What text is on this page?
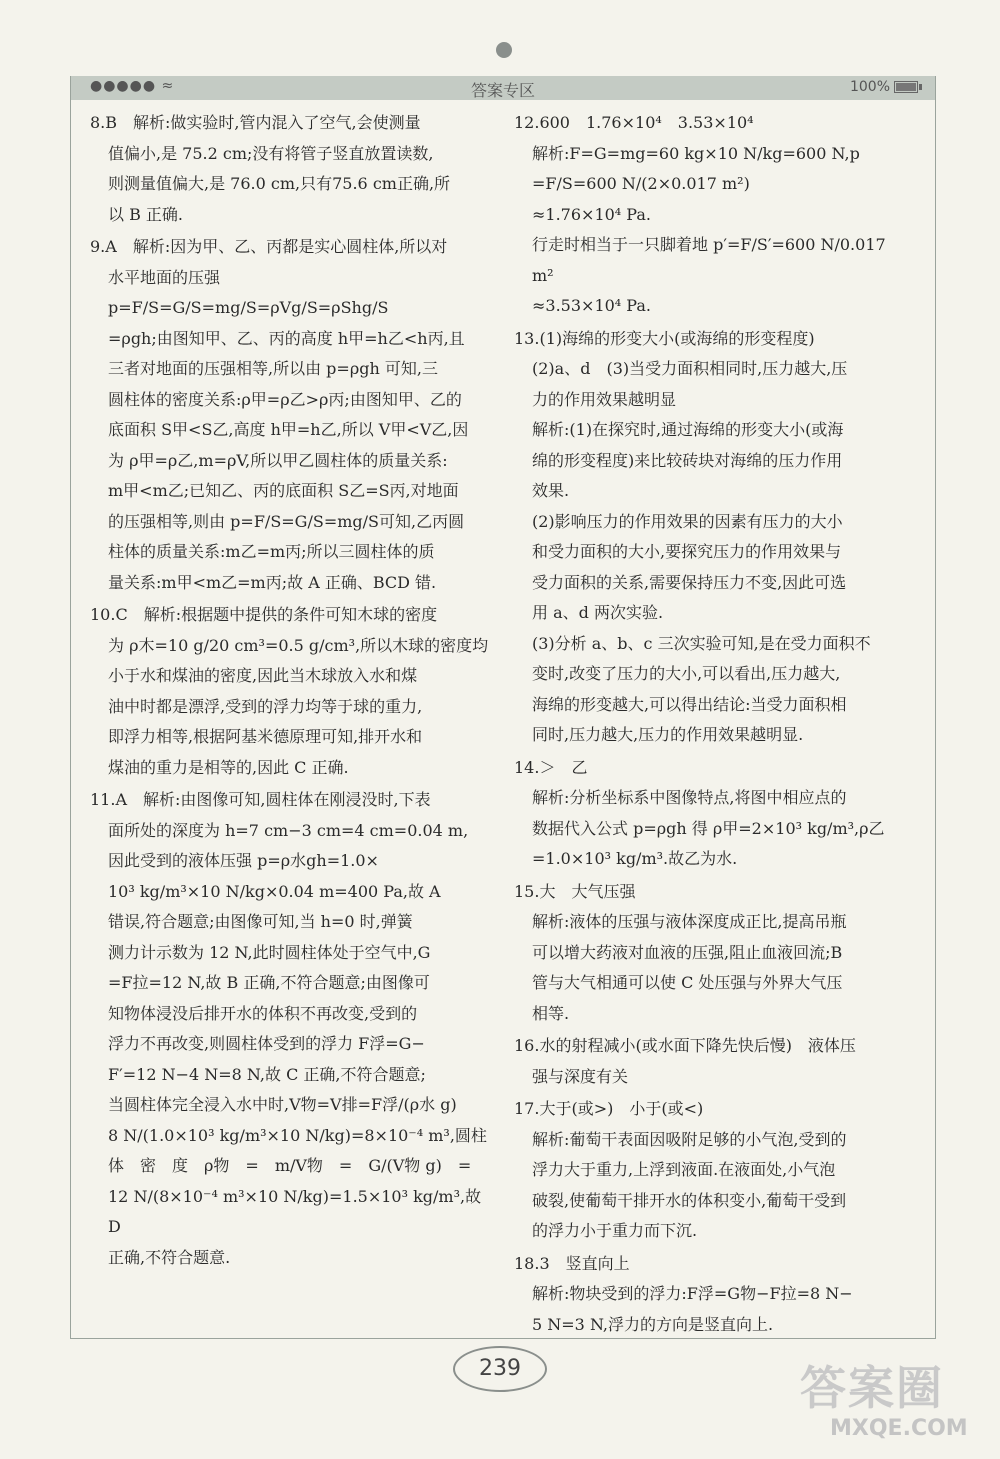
●●●●● ≈	答案专区	100%

8.B　解析:做实验时,管内混入了空气,会使测量

值偏小,是 75.2 cm;没有将管子竖直放置读数,

则测量值偏大,是 76.0 cm,只有75.6 cm正确,所

以 B 正确.

9.A　解析:因为甲、乙、丙都是实心圆柱体,所以对

水平地面的压强 p=F/S=G/S=mg/S=ρVg/S=ρShg/S

=ρgh;由图知甲、乙、丙的高度 h甲=h乙<h丙,且

三者对地面的压强相等,所以由 p=ρgh 可知,三

圆柱体的密度关系:ρ甲=ρ乙>ρ丙;由图知甲、乙的

底面积 S甲<S乙,高度 h甲=h乙,所以 V甲<V乙,因

为 ρ甲=ρ乙,m=ρV,所以甲乙圆柱体的质量关系:

m甲<m乙;已知乙、丙的底面积 S乙=S丙,对地面

的压强相等,则由 p=F/S=G/S=mg/S可知,乙丙圆

柱体的质量关系:m乙=m丙;所以三圆柱体的质

量关系:m甲<m乙=m丙;故 A 正确、BCD 错.

10.C　解析:根据题中提供的条件可知木球的密度

为 ρ木=10 g/20 cm³=0.5 g/cm³,所以木球的密度均

小于水和煤油的密度,因此当木球放入水和煤

油中时都是漂浮,受到的浮力均等于球的重力,

即浮力相等,根据阿基米德原理可知,排开水和

煤油的重力是相等的,因此 C 正确.

11.A　解析:由图像可知,圆柱体在刚浸没时,下表

面所处的深度为 h=7 cm−3 cm=4 cm=0.04 m,

因此受到的液体压强 p=ρ水gh=1.0×

10³ kg/m³×10 N/kg×0.04 m=400 Pa,故 A

错误,符合题意;由图像可知,当 h=0 时,弹簧

测力计示数为 12 N,此时圆柱体处于空气中,G

=F拉=12 N,故 B 正确,不符合题意;由图像可

知物体浸没后排开水的体积不再改变,受到的

浮力不再改变,则圆柱体受到的浮力 F浮=G−

F′=12 N−4 N=8 N,故 C 正确,不符合题意;

当圆柱体完全浸入水中时,V物=V排=F浮/(ρ水 g)

8 N/(1.0×10³ kg/m³×10 N/kg)=8×10⁻⁴ m³,圆柱

体　密　度　ρ物　=　m/V物　=　G/(V物 g)　=

12 N/(8×10⁻⁴ m³×10 N/kg)=1.5×10³ kg/m³,故 D

正确,不符合题意.

12.600　1.76×10⁴　3.53×10⁴

解析:F=G=mg=60 kg×10 N/kg=600 N,p

=F/S=600 N/(2×0.017 m²)

≈1.76×10⁴ Pa.

行走时相当于一只脚着地 p′=F/S′=600 N/0.017 m²

≈3.53×10⁴ Pa.

13.(1)海绵的形变大小(或海绵的形变程度)

(2)a、d　(3)当受力面积相同时,压力越大,压

力的作用效果越明显

解析:(1)在探究时,通过海绵的形变大小(或海

绵的形变程度)来比较砖块对海绵的压力作用

效果.

(2)影响压力的作用效果的因素有压力的大小

和受力面积的大小,要探究压力的作用效果与

受力面积的关系,需要保持压力不变,因此可选

用 a、d 两次实验.

(3)分析 a、b、c 三次实验可知,是在受力面积不

变时,改变了压力的大小,可以看出,压力越大,

海绵的形变越大,可以得出结论:当受力面积相

同时,压力越大,压力的作用效果越明显.

14.＞　乙

解析:分析坐标系中图像特点,将图中相应点的

数据代入公式 p=ρgh 得 ρ甲=2×10³ kg/m³,ρ乙

=1.0×10³ kg/m³.故乙为水.

15.大　大气压强

解析:液体的压强与液体深度成正比,提高吊瓶

可以增大药液对血液的压强,阻止血液回流;B

管与大气相通可以使 C 处压强与外界大气压

相等.

16.水的射程减小(或水面下降先快后慢)　液体压

强与深度有关

17.大于(或>)　小于(或<)

解析:葡萄干表面因吸附足够的小气泡,受到的

浮力大于重力,上浮到液面.在液面处,小气泡

破裂,使葡萄干排开水的体积变小,葡萄干受到

的浮力小于重力而下沉.

18.3　竖直向上

解析:物块受到的浮力:F浮=G物−F拉=8 N−

5 N=3 N,浮力的方向是竖直向上.

239	答案圈
MXQE.COM
